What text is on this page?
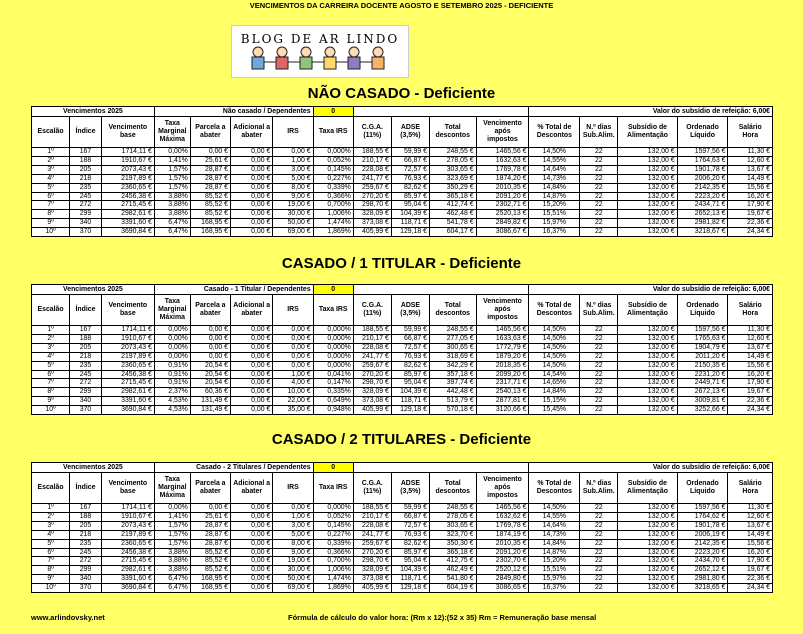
VENCIMENTOS DA CARREIRA DOCENTE AGOSTO E SETEMBRO 2025 - DEFICIENTE
BLOG DE AR LINDO
NÃO CASADO - Deficiente
CASADO / 1 TITULAR - Deficiente
CASADO / 2 TITULARES - Deficiente
Vencimentos 2025			Não casado / Dependentes				0					Valor do subsídio de refeição: 6,00€				
Escalão	Índice	Vencimento base	Taxa Marginal Máxima	Parcela a abater	Adicional a abater	IRS	Taxa IRS	C.G.A. (11%)	ADSE (3,5%)	Total descontos	Vencimento após impostos	% Total de Descontos	N.º dias Sub.Alim.	Subsídio de Alimentação	Ordenado Líquido	Salário Hora
1º	167	1714,11 €	0,00%	0,00 €	0,00 €	0,00 €	0,000%	188,55 €	59,99 €	248,55 €	1465,56 €	14,50%	22	132,00 €	1597,56 €	11,30 €
2º	188	1910,67 €	1,41%	25,61 €	0,00 €	1,00 €	0,052%	210,17 €	66,87 €	278,05 €	1632,63 €	14,55%	22	132,00 €	1764,63 €	12,60 €
3º	205	2073,43 €	1,57%	28,87 €	0,00 €	3,00 €	0,145%	228,08 €	72,57 €	303,65 €	1769,78 €	14,64%	22	132,00 €	1901,78 €	13,67 €
4º	218	2197,89 €	1,57%	28,87 €	0,00 €	5,00 €	0,227%	241,77 €	76,93 €	323,69 €	1874,20 €	14,73%	22	132,00 €	2006,20 €	14,49 €
5º	235	2360,65 €	1,57%	28,87 €	0,00 €	8,00 €	0,339%	259,67 €	82,62 €	350,29 €	2010,35 €	14,84%	22	132,00 €	2142,35 €	15,56 €
6º	245	2456,38 €	3,88%	85,52 €	0,00 €	9,00 €	0,366%	270,20 €	85,97 €	365,18 €	2091,20 €	14,87%	22	132,00 €	2223,20 €	16,20 €
7º	272	2715,45 €	3,88%	85,52 €	0,00 €	19,00 €	0,700%	298,70 €	95,04 €	412,74 €	2302,71 €	15,20%	22	132,00 €	2434,71 €	17,90 €
8º	299	2982,61 €	3,88%	85,52 €	0,00 €	30,00 €	1,006%	328,09 €	104,39 €	462,48 €	2520,13 €	15,51%	22	132,00 €	2652,13 €	19,67 €
9º	340	3391,60 €	6,47%	168,95 €	0,00 €	50,00 €	1,474%	373,08 €	118,71 €	541,78 €	2849,82 €	15,97%	22	132,00 €	2981,82 €	22,36 €
10º	370	3690,84 €	6,47%	168,95 €	0,00 €	69,00 €	1,869%	405,99 €	129,18 €	604,17 €	3086,67 €	16,37%	22	132,00 €	3218,67 €	24,34 €
Vencimentos 2025			Casado - 1 Titular / Dependentes				0					Valor do subsídio de refeição: 6,00€				
Escalão	Índice	Vencimento base	Taxa Marginal Máxima	Parcela a abater	Adicional a abater	IRS	Taxa IRS	C.G.A. (11%)	ADSE (3,5%)	Total descontos	Vencimento após impostos	% Total de Descontos	N.º dias Sub.Alim.	Subsídio de Alimentação	Ordenado Líquido	Salário Hora
1º	167	1714,11 €	0,00%	0,00 €	0,00 €	0,00 €	0,000%	188,55 €	59,99 €	248,55 €	1465,56 €	14,50%	22	132,00 €	1597,56 €	11,30 €
2º	188	1910,67 €	0,00%	0,00 €	0,00 €	0,00 €	0,000%	210,17 €	66,87 €	277,05 €	1633,63 €	14,50%	22	132,00 €	1765,63 €	12,60 €
3º	205	2073,43 €	0,00%	0,00 €	0,00 €	0,00 €	0,000%	228,08 €	72,57 €	300,65 €	1772,79 €	14,50%	22	132,00 €	1904,79 €	13,67 €
4º	218	2197,89 €	0,00%	0,00 €	0,00 €	0,00 €	0,000%	241,77 €	76,93 €	318,69 €	1879,20 €	14,50%	22	132,00 €	2011,20 €	14,49 €
5º	235	2360,65 €	0,91%	20,54 €	0,00 €	0,00 €	0,000%	259,67 €	82,62 €	342,29 €	2018,35 €	14,50%	22	132,00 €	2150,35 €	15,56 €
6º	245	2456,38 €	0,91%	20,54 €	0,00 €	1,00 €	0,041%	270,20 €	85,97 €	357,18 €	2099,20 €	14,54%	22	132,00 €	2231,20 €	16,20 €
7º	272	2715,45 €	0,91%	20,54 €	0,00 €	4,00 €	0,147%	298,70 €	95,04 €	397,74 €	2317,71 €	14,65%	22	132,00 €	2449,71 €	17,90 €
8º	299	2982,61 €	2,37%	60,36 €	0,00 €	10,00 €	0,335%	328,09 €	104,39 €	442,48 €	2540,13 €	14,84%	22	132,00 €	2672,13 €	19,67 €
9º	340	3391,60 €	4,53%	131,49 €	0,00 €	22,00 €	0,649%	373,08 €	118,71 €	513,79 €	2877,81 €	15,15%	22	132,00 €	3009,81 €	22,36 €
10º	370	3690,84 €	4,53%	131,49 €	0,00 €	35,00 €	0,948%	405,99 €	129,18 €	570,18 €	3120,66 €	15,45%	22	132,00 €	3252,66 €	24,34 €
Vencimentos 2025			Casado - 2 Titulares / Dependentes				0					Valor do subsídio de refeição: 6,00€				
Escalão	Índice	Vencimento base	Taxa Marginal Máxima	Parcela a abater	Adicional a abater	IRS	Taxa IRS	C.G.A. (11%)	ADSE (3,5%)	Total descontos	Vencimento após impostos	% Total de Descontos	N.º dias Sub.Alim.	Subsídio de Alimentação	Ordenado Líquido	Salário Hora
1º	167	1714,11 €	0,00%	0,00 €	0,00 €	0,00 €	0,000%	188,55 €	59,99 €	248,55 €	1465,56 €	14,50%	22	132,00 €	1597,56 €	11,30 €
2º	188	1910,67 €	1,41%	25,61 €	0,00 €	1,00 €	0,052%	210,17 €	66,87 €	278,05 €	1632,62 €	14,55%	22	132,00 €	1764,62 €	12,60 €
3º	205	2073,43 €	1,57%	28,87 €	0,00 €	3,00 €	0,145%	228,08 €	72,57 €	303,65 €	1769,78 €	14,64%	22	132,00 €	1901,78 €	13,67 €
4º	218	2197,89 €	1,57%	28,87 €	0,00 €	5,00 €	0,227%	241,77 €	76,93 €	323,70 €	1874,19 €	14,73%	22	132,00 €	2006,19 €	14,49 €
5º	235	2360,65 €	1,57%	28,87 €	0,00 €	8,00 €	0,339%	259,67 €	82,62 €	350,30 €	2010,35 €	14,84%	22	132,00 €	2142,35 €	15,56 €
6º	245	2456,38 €	3,88%	85,52 €	0,00 €	9,00 €	0,366%	270,20 €	85,97 €	365,18 €	2091,20 €	14,87%	22	132,00 €	2223,20 €	16,20 €
7º	272	2715,45 €	3,88%	85,52 €	0,00 €	19,00 €	0,700%	298,70 €	95,04 €	412,75 €	2302,70 €	15,20%	22	132,00 €	2434,70 €	17,90 €
8º	299	2982,61 €	3,88%	85,52 €	0,00 €	30,00 €	1,006%	328,09 €	104,39 €	462,49 €	2520,12 €	15,51%	22	132,00 €	2652,12 €	19,67 €
9º	340	3391,60 €	6,47%	168,95 €	0,00 €	50,00 €	1,474%	373,08 €	118,71 €	541,80 €	2849,80 €	15,97%	22	132,00 €	2981,80 €	22,36 €
10º	370	3690,84 €	6,47%	168,95 €	0,00 €	69,00 €	1,869%	405,99 €	129,18 €	604,19 €	3086,65 €	16,37%	22	132,00 €	3218,65 €	24,34 €
www.arlindovsky.net	Fórmula de cálculo do valor hora: (Rm x 12):(52 x 35) Rm = Remuneração base mensal
